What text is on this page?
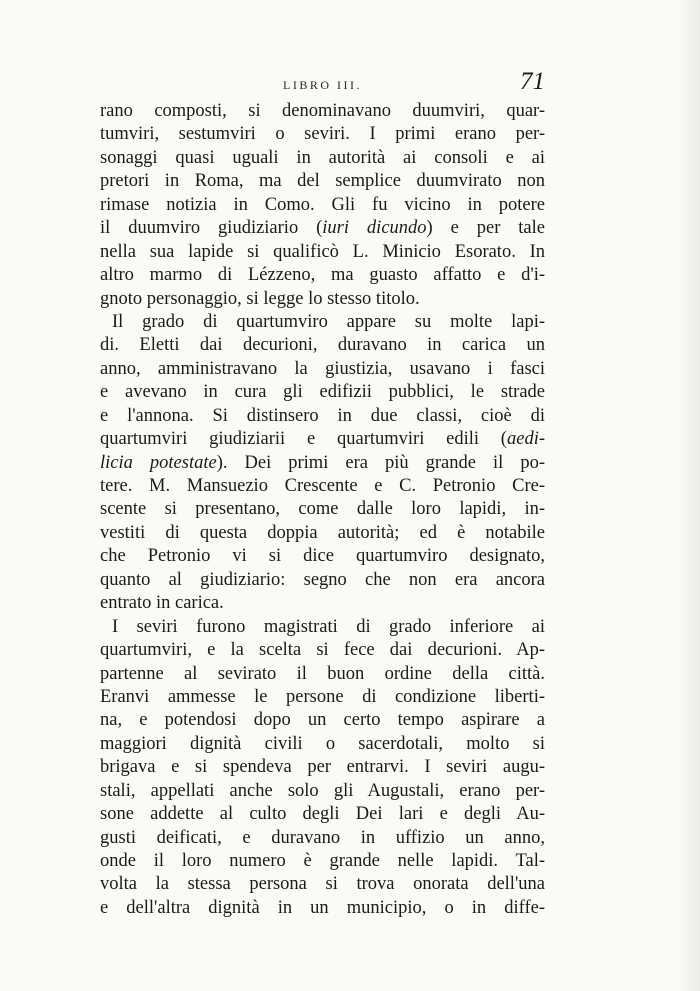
LIBRO III.	71
rano composti, si denominavano duumviri, quar-
tumviri, sestumviri o seviri. I primi erano per-
sonaggi quasi uguali in autorità ai consoli e ai
pretori in Roma, ma del semplice duumvirato non
rimase notizia in Como. Gli fu vicino in potere
il duumviro giudiziario (iuri dicundo) e per tale
nella sua lapide si qualificò L. Minicio Esorato. In
altro marmo di Lézzeno, ma guasto affatto e d'i-
gnoto personaggio, si legge lo stesso titolo.
Il grado di quartumviro appare su molte lapi-
di. Eletti dai decurioni, duravano in carica un
anno, amministravano la giustizia, usavano i fasci
e avevano in cura gli edifizii pubblici, le strade
e l'annona. Si distinsero in due classi, cioè di
quartumviri giudiziarii e quartumviri edili (aedi-
licia potestate). Dei primi era più grande il po-
tere. M. Mansuezio Crescente e C. Petronio Cre-
scente si presentano, come dalle loro lapidi, in-
vestiti di questa doppia autorità; ed è notabile
che Petronio vi si dice quartumviro designato,
quanto al giudiziario: segno che non era ancora
entrato in carica.
I seviri furono magistrati di grado inferiore ai
quartumviri, e la scelta si fece dai decurioni. Ap-
partenne al sevirato il buon ordine della città.
Eranvi ammesse le persone di condizione liberti-
na, e potendosi dopo un certo tempo aspirare a
maggiori dignità civili o sacerdotali, molto si
brigava e si spendeva per entrarvi. I seviri augu-
stali, appellati anche solo gli Augustali, erano per-
sone addette al culto degli Dei lari e degli Au-
gusti deificati, e duravano in uffizio un anno,
onde il loro numero è grande nelle lapidi. Tal-
volta la stessa persona si trova onorata dell'una
e dell'altra dignità in un municipio, o in diffe-
